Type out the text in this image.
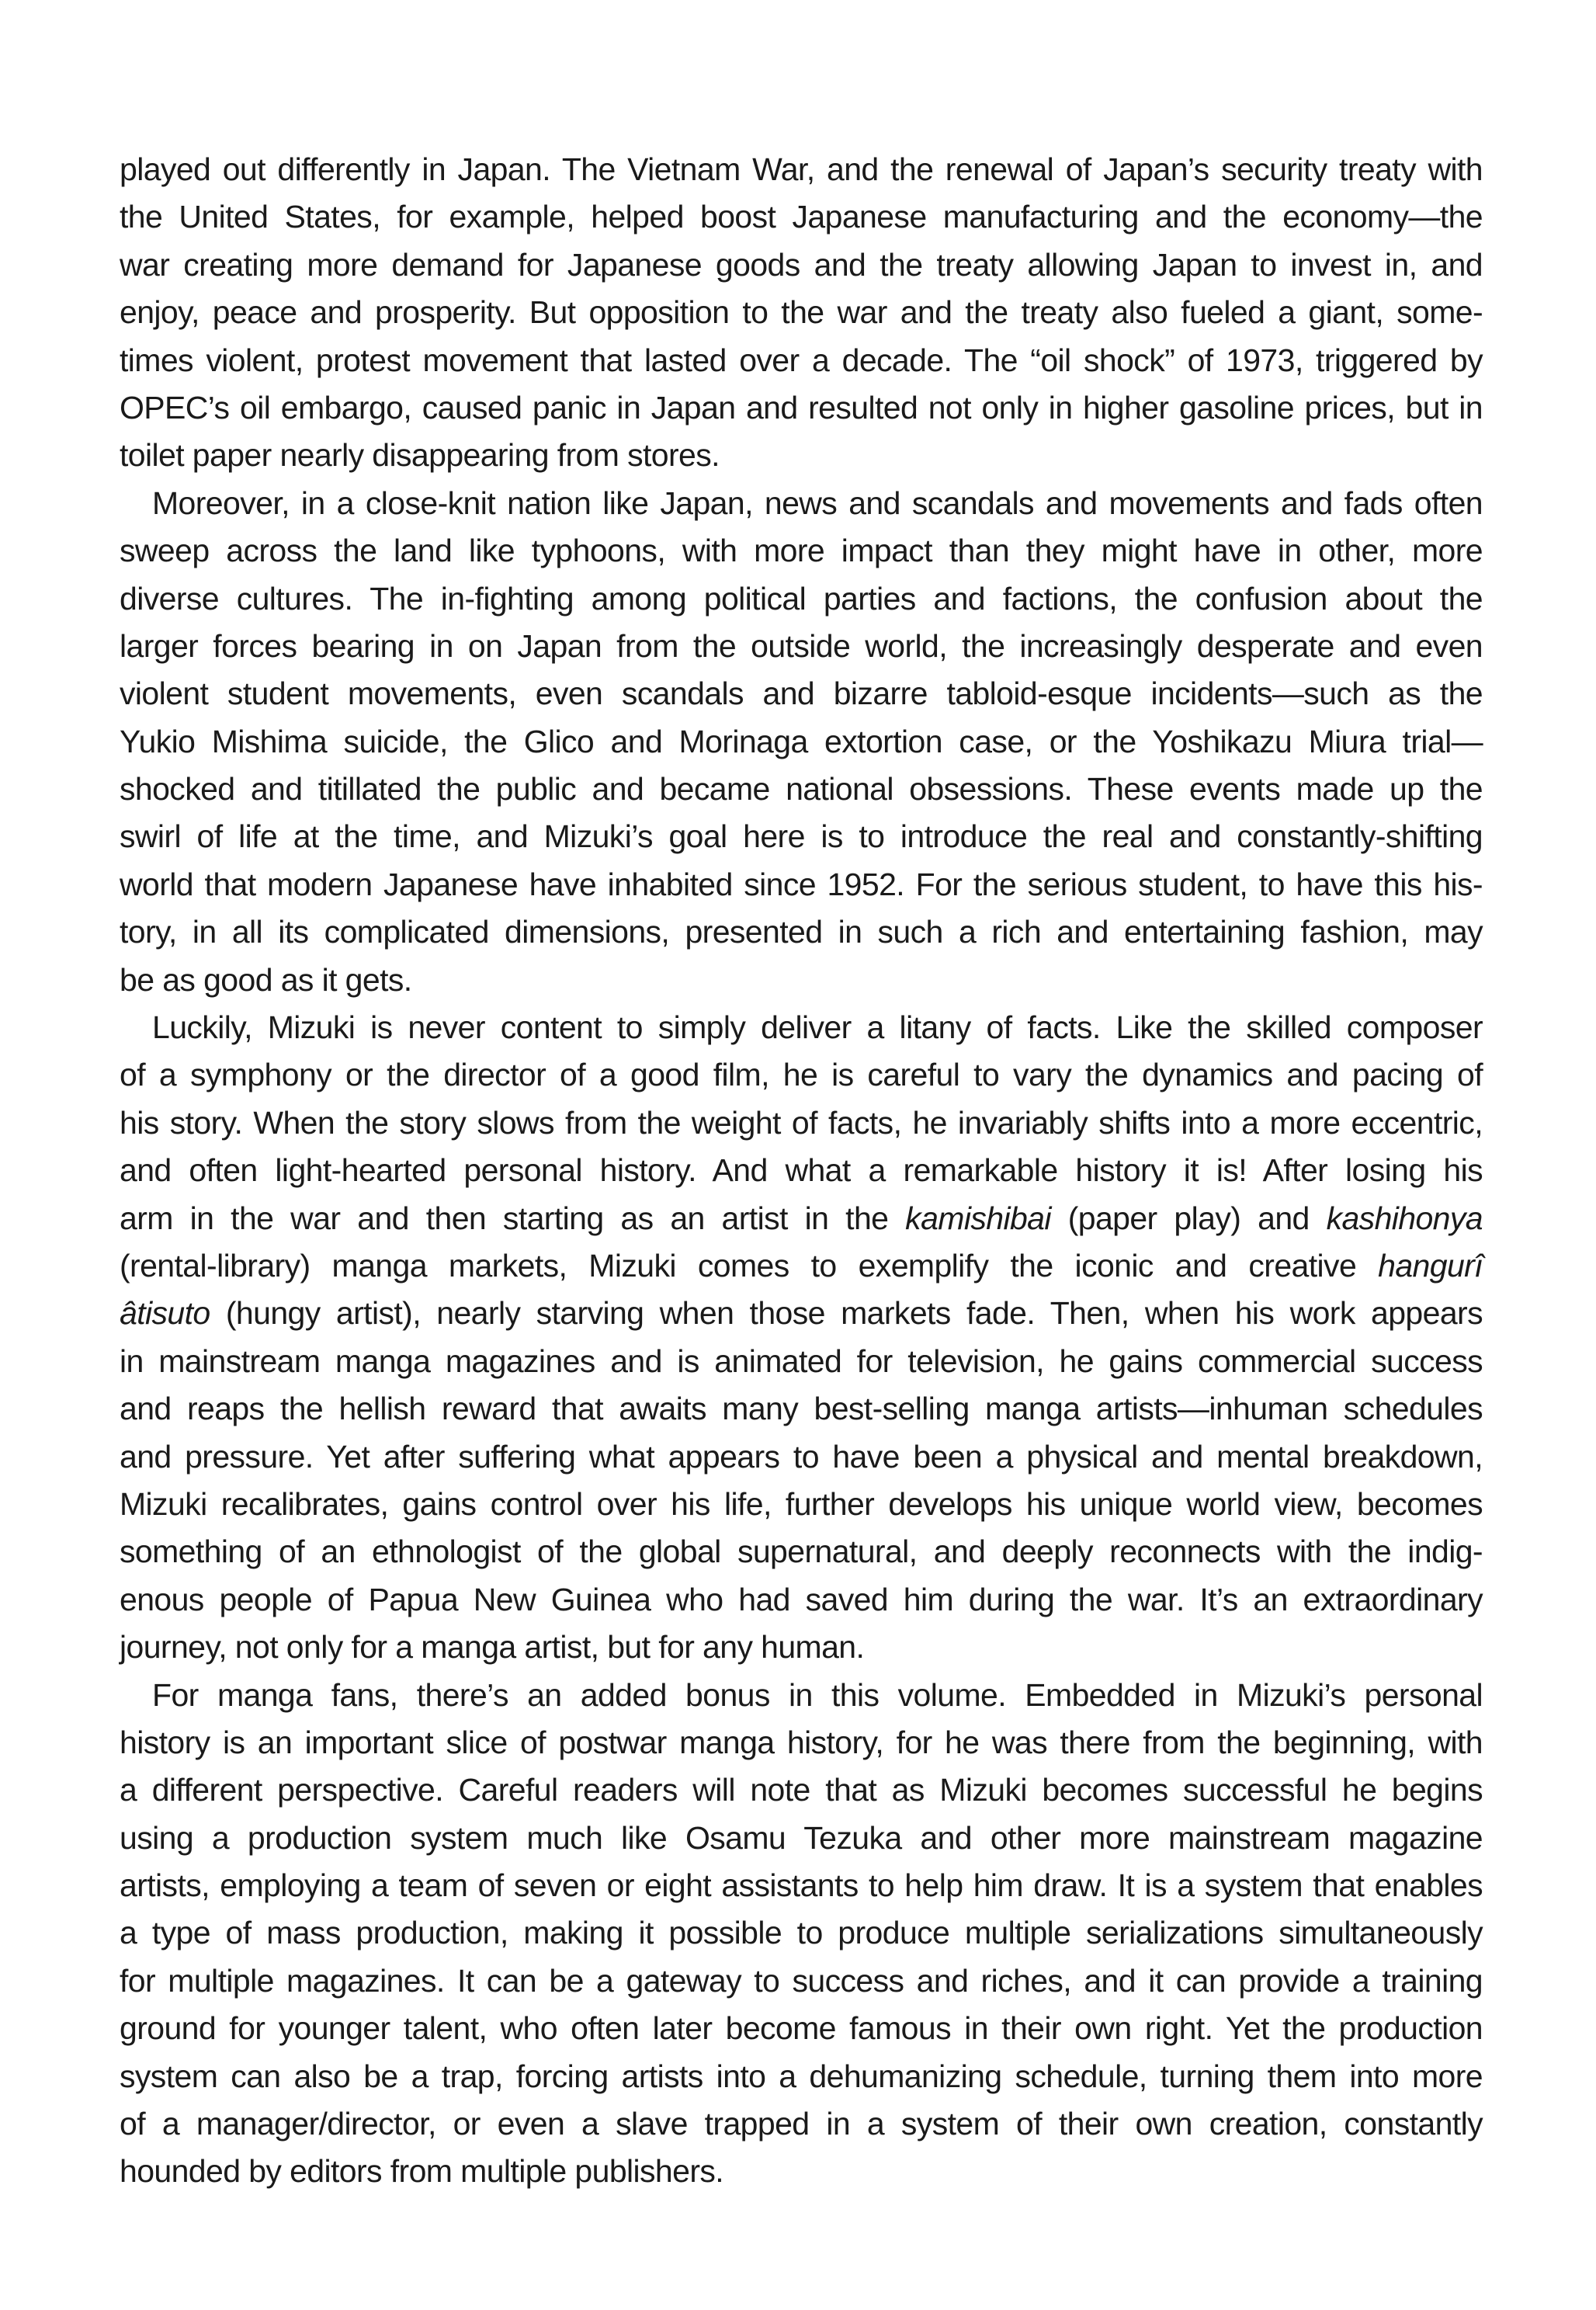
played out differently in Japan. The Vietnam War, and the renewal of Japan’s security treaty with
the United States, for example, helped boost Japanese manufacturing and the economy—the
war creating more demand for Japanese goods and the treaty allowing Japan to invest in, and
enjoy, peace and prosperity. But opposition to the war and the treaty also fueled a giant, some-
times violent, protest movement that lasted over a decade. The “oil shock” of 1973, triggered by
OPEC’s oil embargo, caused panic in Japan and resulted not only in higher gasoline prices, but in
toilet paper nearly disappearing from stores.
Moreover, in a close-knit nation like Japan, news and scandals and movements and fads often
sweep across the land like typhoons, with more impact than they might have in other, more
diverse cultures. The in-fighting among political parties and factions, the confusion about the
larger forces bearing in on Japan from the outside world, the increasingly desperate and even
violent student movements, even scandals and bizarre tabloid-esque incidents—such as the
Yukio Mishima suicide, the Glico and Morinaga extortion case, or the Yoshikazu Miura trial—
shocked and titillated the public and became national obsessions. These events made up the
swirl of life at the time, and Mizuki’s goal here is to introduce the real and constantly-shifting
world that modern Japanese have inhabited since 1952. For the serious student, to have this his-
tory, in all its complicated dimensions, presented in such a rich and entertaining fashion, may
be as good as it gets.
Luckily, Mizuki is never content to simply deliver a litany of facts. Like the skilled composer
of a symphony or the director of a good film, he is careful to vary the dynamics and pacing of
his story. When the story slows from the weight of facts, he invariably shifts into a more eccentric,
and often light-hearted personal history. And what a remarkable history it is! After losing his
arm in the war and then starting as an artist in the kamishibai (paper play) and kashihonya
(rental-library) manga markets, Mizuki comes to exemplify the iconic and creative hangurî
âtisuto (hungy artist), nearly starving when those markets fade. Then, when his work appears
in mainstream manga magazines and is animated for television, he gains commercial success
and reaps the hellish reward that awaits many best-selling manga artists—inhuman schedules
and pressure. Yet after suffering what appears to have been a physical and mental breakdown,
Mizuki recalibrates, gains control over his life, further develops his unique world view, becomes
something of an ethnologist of the global supernatural, and deeply reconnects with the indig-
enous people of Papua New Guinea who had saved him during the war. It’s an extraordinary
journey, not only for a manga artist, but for any human.
For manga fans, there’s an added bonus in this volume. Embedded in Mizuki’s personal
history is an important slice of postwar manga history, for he was there from the beginning, with
a different perspective. Careful readers will note that as Mizuki becomes successful he begins
using a production system much like Osamu Tezuka and other more mainstream magazine
artists, employing a team of seven or eight assistants to help him draw. It is a system that enables
a type of mass production, making it possible to produce multiple serializations simultaneously
for multiple magazines. It can be a gateway to success and riches, and it can provide a training
ground for younger talent, who often later become famous in their own right. Yet the production
system can also be a trap, forcing artists into a dehumanizing schedule, turning them into more
of a manager/director, or even a slave trapped in a system of their own creation, constantly
hounded by editors from multiple publishers.
